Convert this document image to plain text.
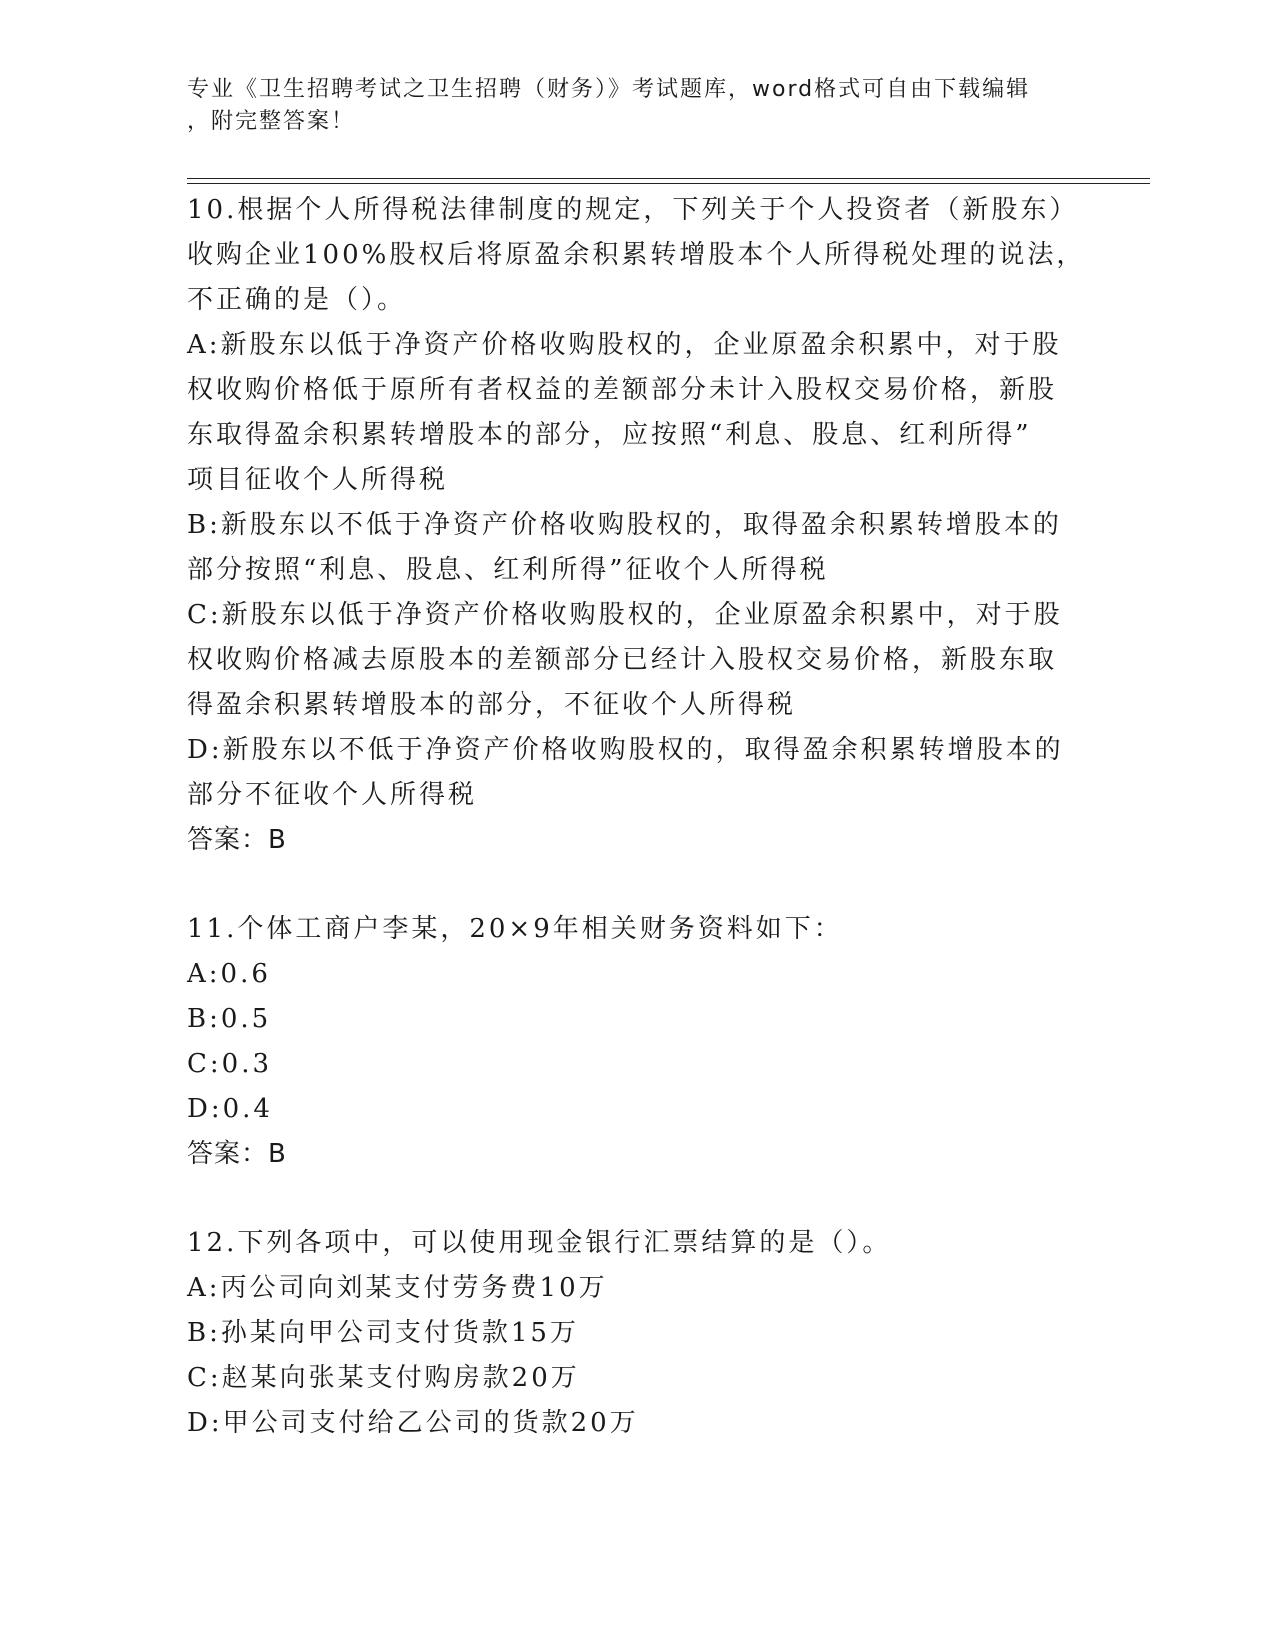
专业《卫生招聘考试之卫生招聘（财务）》考试题库，word格式可自由下载编辑
，附完整答案！

10.根据个人所得税法律制度的规定，下列关于个人投资者（新股东）

收购企业100%股权后将原盈余积累转增股本个人所得税处理的说法，

不正确的是（）。

A:新股东以低于净资产价格收购股权的，企业原盈余积累中，对于股

权收购价格低于原所有者权益的差额部分未计入股权交易价格，新股

东取得盈余积累转增股本的部分，应按照“利息、股息、红利所得”

项目征收个人所得税

B:新股东以不低于净资产价格收购股权的，取得盈余积累转增股本的

部分按照“利息、股息、红利所得”征收个人所得税

C:新股东以低于净资产价格收购股权的，企业原盈余积累中，对于股

权收购价格减去原股本的差额部分已经计入股权交易价格，新股东取

得盈余积累转增股本的部分，不征收个人所得税

D:新股东以不低于净资产价格收购股权的，取得盈余积累转增股本的

部分不征收个人所得税

答案：B

11.个体工商户李某，20×9年相关财务资料如下：

A:0.6

B:0.5

C:0.3

D:0.4

答案：B

12.下列各项中，可以使用现金银行汇票结算的是（）。

A:丙公司向刘某支付劳务费10万

B:孙某向甲公司支付货款15万

C:赵某向张某支付购房款20万

D:甲公司支付给乙公司的货款20万
